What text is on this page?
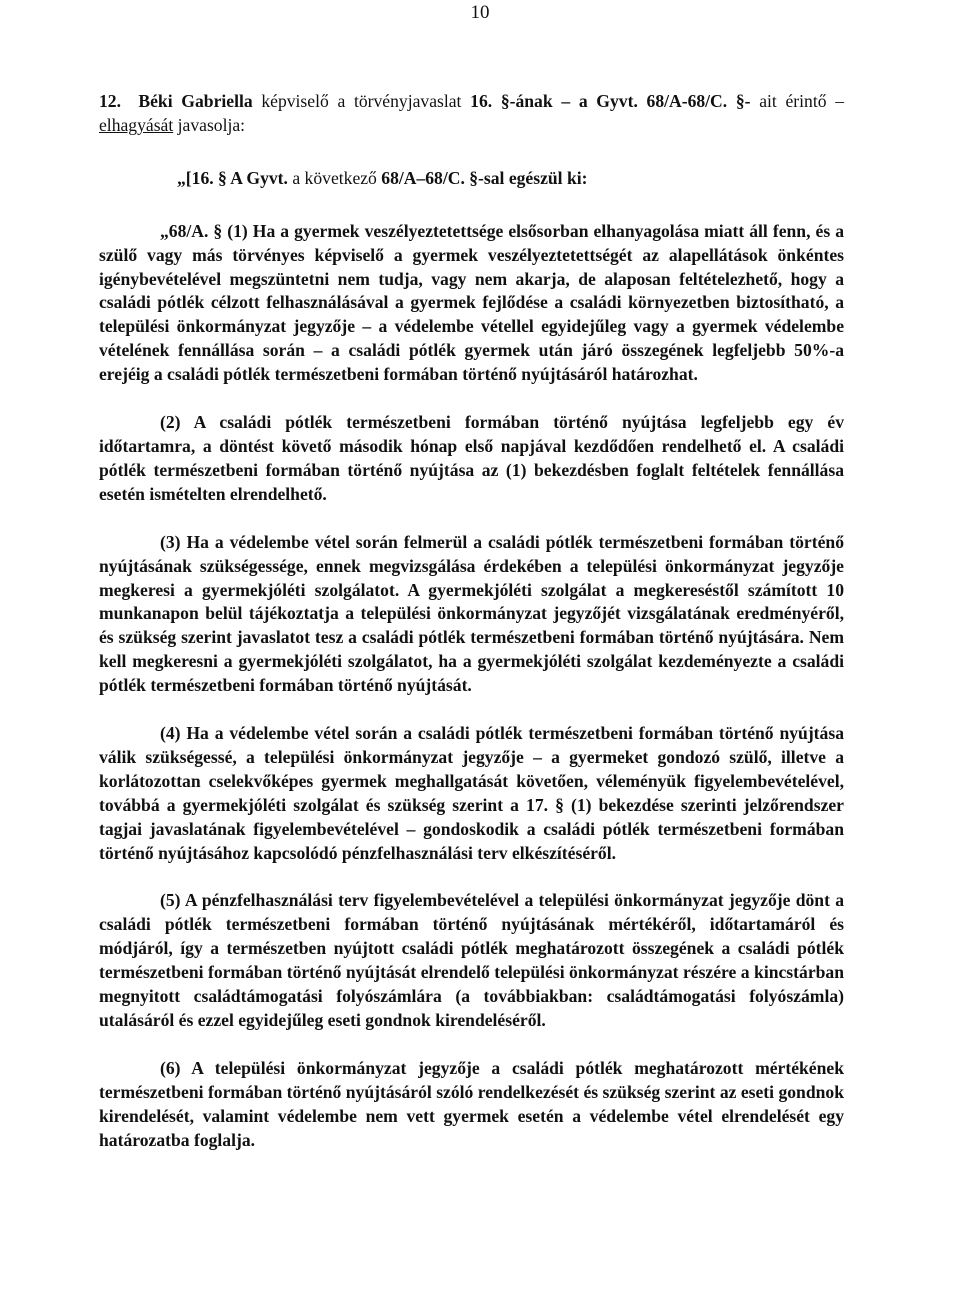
10

12. Béki Gabriella képviselő a törvényjavaslat 16. §-ának – a Gyvt. 68/A-68/C. §- ait érintő – elhagyását javasolja:

„[16. § A Gyvt. a következő 68/A–68/C. §-sal egészül ki:

„68/A. § (1) Ha a gyermek veszélyeztetettsége elsősorban elhanyagolása miatt áll fenn, és a szülő vagy más törvényes képviselő a gyermek veszélyeztetettségét az alapellátások önkéntes igénybevételével megszüntetni nem tudja, vagy nem akarja, de alaposan feltételezhető, hogy a családi pótlék célzott felhasználásával a gyermek fejlődése a családi környezetben biztosítható, a települési önkormányzat jegyzője – a védelembe vétellel egyidejűleg vagy a gyermek védelembe vételének fennállása során – a családi pótlék gyermek után járó összegének legfeljebb 50%-a erejéig a családi pótlék természetbeni formában történő nyújtásáról határozhat.

(2) A családi pótlék természetbeni formában történő nyújtása legfeljebb egy év időtartamra, a döntést követő második hónap első napjával kezdődően rendelhető el. A családi pótlék természetbeni formában történő nyújtása az (1) bekezdésben foglalt feltételek fennállása esetén ismételten elrendelhető.

(3) Ha a védelembe vétel során felmerül a családi pótlék természetbeni formában történő nyújtásának szükségessége, ennek megvizsgálása érdekében a települési önkormányzat jegyzője megkeresi a gyermekjóléti szolgálatot. A gyermekjóléti szolgálat a megkereséstől számított 10 munkanapon belül tájékoztatja a települési önkormányzat jegyzőjét vizsgálatának eredményéről, és szükség szerint javaslatot tesz a családi pótlék természetbeni formában történő nyújtására. Nem kell megkeresni a gyermekjóléti szolgálatot, ha a gyermekjóléti szolgálat kezdeményezte a családi pótlék természetbeni formában történő nyújtását.

(4) Ha a védelembe vétel során a családi pótlék természetbeni formában történő nyújtása válik szükségessé, a települési önkormányzat jegyzője – a gyermeket gondozó szülő, illetve a korlátozottan cselekvőképes gyermek meghallgatását követően, véleményük figyelembevételével, továbbá a gyermekjóléti szolgálat és szükség szerint a 17. § (1) bekezdése szerinti jelzőrendszer tagjai javaslatának figyelembevételével – gondoskodik a családi pótlék természetbeni formában történő nyújtásához kapcsolódó pénzfelhasználási terv elkészítéséről.

(5) A pénzfelhasználási terv figyelembevételével a települési önkormányzat jegyzője dönt a családi pótlék természetbeni formában történő nyújtásának mértékéről, időtartamáról és módjáról, így a természetben nyújtott családi pótlék meghatározott összegének a családi pótlék természetbeni formában történő nyújtását elrendelő települési önkormányzat részére a kincstárban megnyitott családtámogatási folyószámlára (a továbbiakban: családtámogatási folyószámla) utalásáról és ezzel egyidejűleg eseti gondnok kirendeléséről.

(6) A települési önkormányzat jegyzője a családi pótlék meghatározott mértékének természetbeni formában történő nyújtásáról szóló rendelkezését és szükség szerint az eseti gondnok kirendelését, valamint védelembe nem vett gyermek esetén a védelembe vétel elrendelését egy határozatba foglalja.
